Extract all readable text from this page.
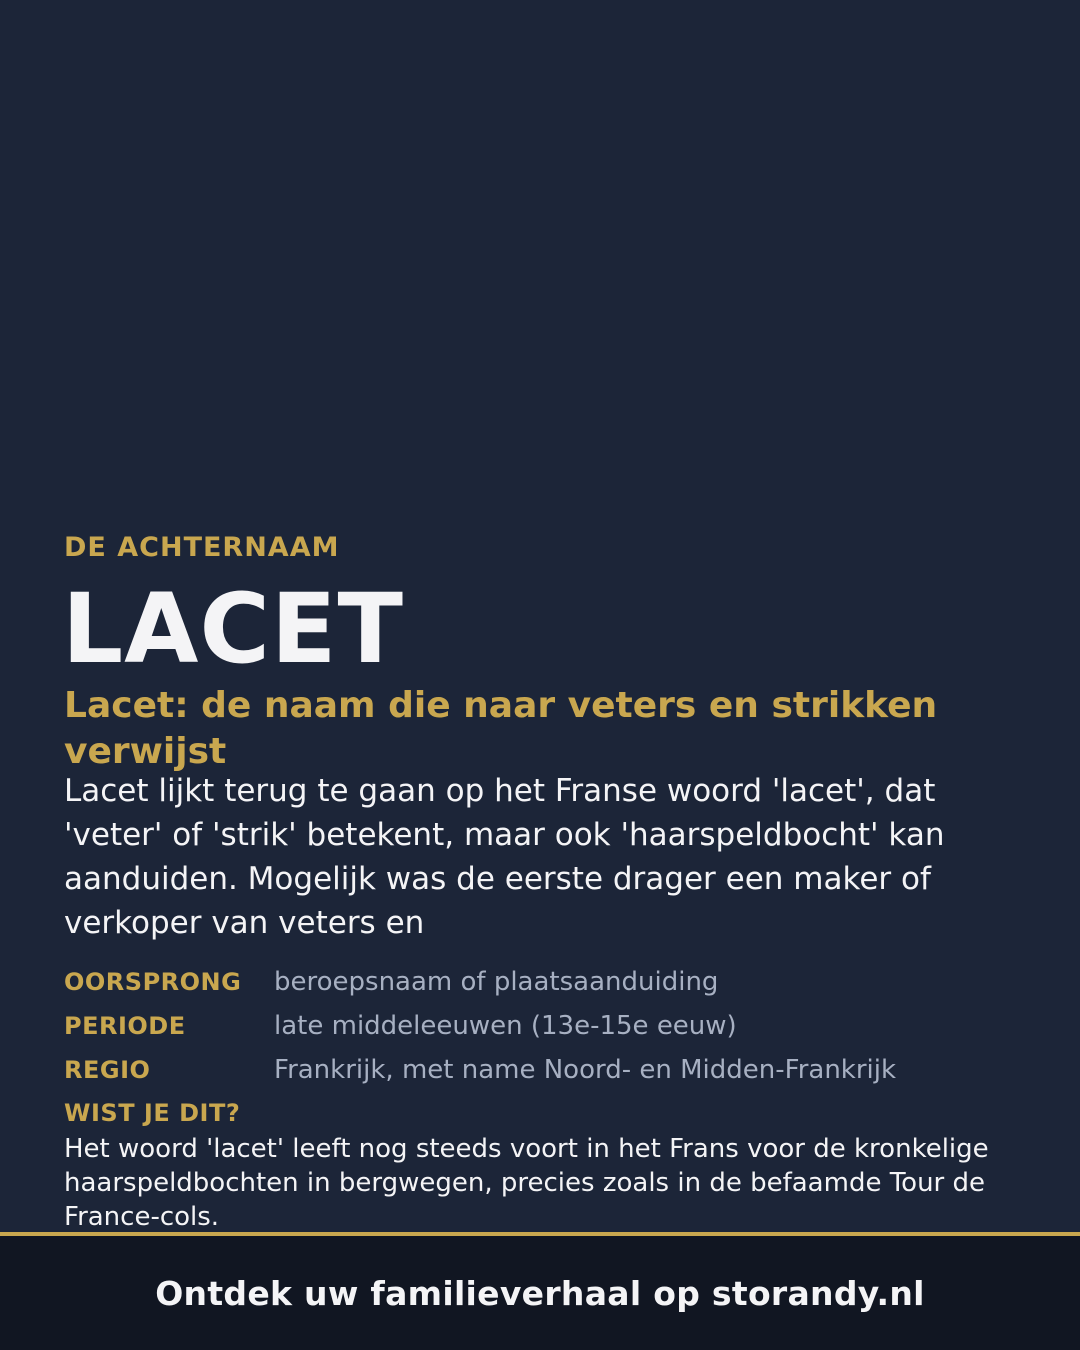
DE ACHTERNAAM
LACET
Lacet: de naam die naar veters en strikken verwijst
Lacet lijkt terug te gaan op het Franse woord 'lacet', dat 'veter' of 'strik' betekent, maar ook 'haarspeldbocht' kan aanduiden. Mogelijk was de eerste drager een maker of verkoper van veters en
OORSPRONG	beroepsnaam of plaatsaanduiding
PERIODE	late middeleeuwen (13e-15e eeuw)
REGIO	Frankrijk, met name Noord- en Midden-Frankrijk
WIST JE DIT?
Het woord 'lacet' leeft nog steeds voort in het Frans voor de kronkelige haarspeldbochten in bergwegen, precies zoals in de befaamde Tour de France-cols.
Ontdek uw familieverhaal op storandy.nl
